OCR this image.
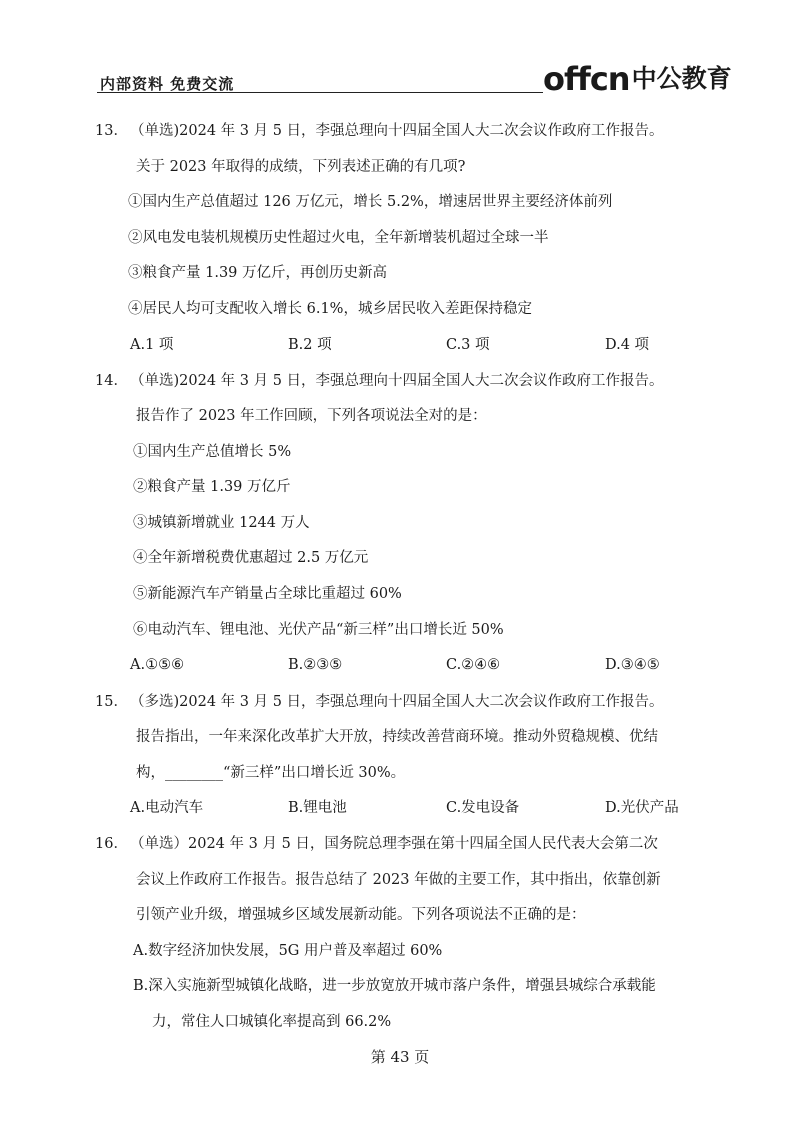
内部资料 免费交流	offcn 中公教育
13． （单选)2024 年 3 月 5 日，李强总理向十四届全国人大二次会议作政府工作报告。
关于 2023 年取得的成绩，下列表述正确的有几项?
①国内生产总值超过 126 万亿元，增长 5.2%，增速居世界主要经济体前列
②风电发电装机规模历史性超过火电，全年新增装机超过全球一半
③粮食产量 1.39 万亿斤，再创历史新高
④居民人均可支配收入增长 6.1%，城乡居民收入差距保持稳定
A.1 项	B.2 项	C.3 项	D.4 项
14． （单选)2024 年 3 月 5 日，李强总理向十四届全国人大二次会议作政府工作报告。
报告作了 2023 年工作回顾，下列各项说法全对的是：
①国内生产总值增长 5%
②粮食产量 1.39 万亿斤
③城镇新增就业 1244 万人
④全年新增税费优惠超过 2.5 万亿元
⑤新能源汽车产销量占全球比重超过 60%
⑥电动汽车、锂电池、光伏产品“新三样”出口增长近 50%
A.①⑤⑥	B.②③⑤	C.②④⑥	D.③④⑤
15． （多选)2024 年 3 月 5 日，李强总理向十四届全国人大二次会议作政府工作报告。
报告指出，一年来深化改革扩大开放，持续改善营商环境。推动外贸稳规模、优结
构，________“新三样”出口增长近 30%。
A.电动汽车	B.锂电池	C.发电设备	D.光伏产品
16． （单选）2024 年 3 月 5 日，国务院总理李强在第十四届全国人民代表大会第二次
会议上作政府工作报告。报告总结了 2023 年做的主要工作，其中指出，依靠创新
引领产业升级，增强城乡区域发展新动能。下列各项说法不正确的是：
A.数字经济加快发展，5G 用户普及率超过 60%
B.深入实施新型城镇化战略，进一步放宽放开城市落户条件，增强县城综合承载能
力，常住人口城镇化率提高到 66.2%
第 43 页
